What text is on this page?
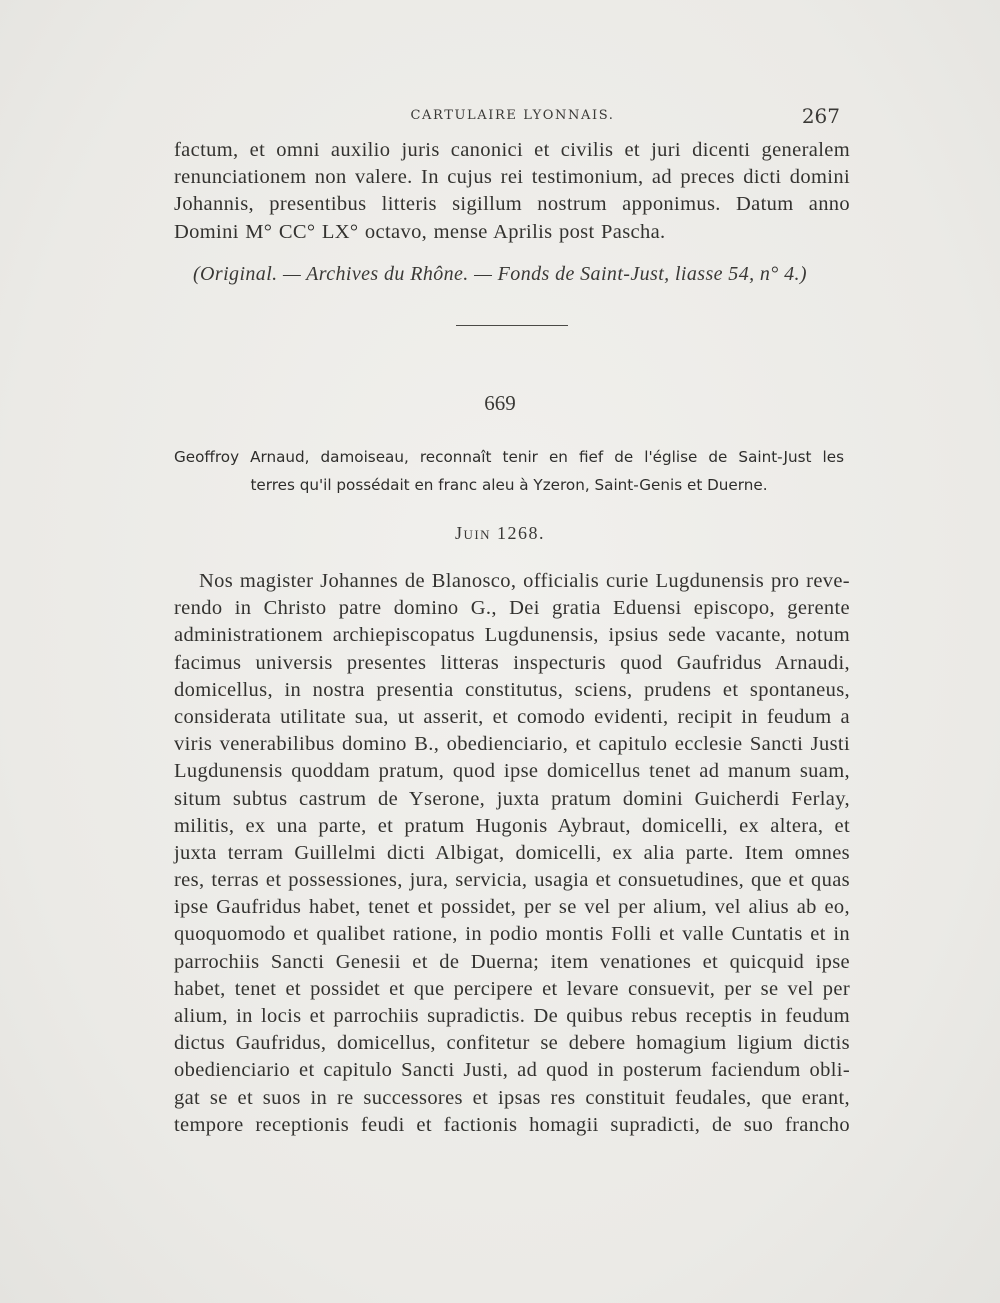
CARTULAIRE LYONNAIS.	267
factum, et omni auxilio juris canonici et civilis et juri dicenti generalem
renunciationem non valere. In cujus rei testimonium, ad preces dicti domini
Johannis, presentibus litteris sigillum nostrum apponimus. Datum anno
Domini M° CC° LX° octavo, mense Aprilis post Pascha.
(Original. — Archives du Rhône. — Fonds de Saint-Just, liasse 54, n° 4.)
669
Geoffroy Arnaud, damoiseau, reconnaît tenir en fief de l'église de Saint-Just les
terres qu'il possédait en franc aleu à Yzeron, Saint-Genis et Duerne.
Juin 1268.
Nos magister Johannes de Blanosco, officialis curie Lugdunensis pro reve-
rendo in Christo patre domino G., Dei gratia Eduensi episcopo, gerente
administrationem archiepiscopatus Lugdunensis, ipsius sede vacante, notum
facimus universis presentes litteras inspecturis quod Gaufridus Arnaudi,
domicellus, in nostra presentia constitutus, sciens, prudens et spontaneus,
considerata utilitate sua, ut asserit, et comodo evidenti, recipit in feudum a
viris venerabilibus domino B., obedienciario, et capitulo ecclesie Sancti Justi
Lugdunensis quoddam pratum, quod ipse domicellus tenet ad manum suam,
situm subtus castrum de Yserone, juxta pratum domini Guicherdi Ferlay,
militis, ex una parte, et pratum Hugonis Aybraut, domicelli, ex altera, et
juxta terram Guillelmi dicti Albigat, domicelli, ex alia parte. Item omnes
res, terras et possessiones, jura, servicia, usagia et consuetudines, que et quas
ipse Gaufridus habet, tenet et possidet, per se vel per alium, vel alius ab eo,
quoquomodo et qualibet ratione, in podio montis Folli et valle Cuntatis et in
parrochiis Sancti Genesii et de Duerna; item venationes et quicquid ipse
habet, tenet et possidet et que percipere et levare consuevit, per se vel per
alium, in locis et parrochiis supradictis. De quibus rebus receptis in feudum
dictus Gaufridus, domicellus, confitetur se debere homagium ligium dictis
obedienciario et capitulo Sancti Justi, ad quod in posterum faciendum obli-
gat se et suos in re successores et ipsas res constituit feudales, que erant,
tempore receptionis feudi et factionis homagii supradicti, de suo francho
